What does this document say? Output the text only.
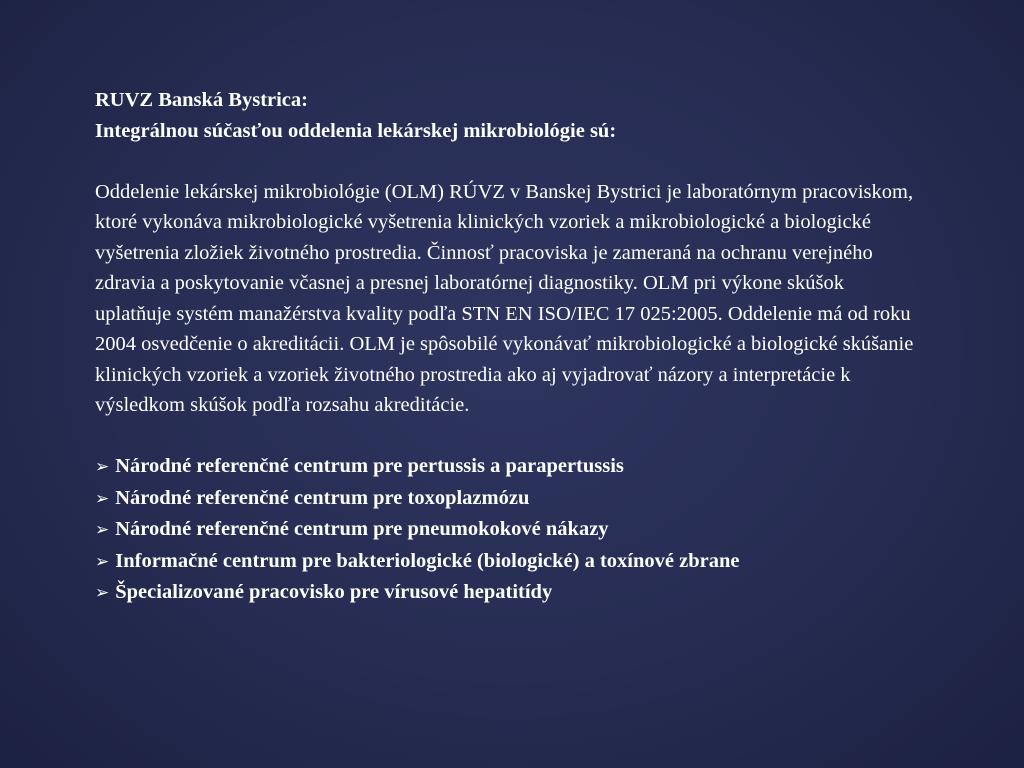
RUVZ Banská Bystrica:

Integrálnou súčasťou oddelenia lekárskej mikrobiológie sú:

Oddelenie lekárskej mikrobiológie (OLM) RÚVZ v Banskej Bystrici je laboratórnym pracoviskom, ktoré vykonáva mikrobiologické vyšetrenia klinických vzoriek a mikrobiologické a biologické vyšetrenia zložiek životného prostredia. Činnosť pracoviska je zameraná na ochranu verejného zdravia a poskytovanie včasnej a presnej laboratórnej diagnostiky. OLM pri výkone skúšok uplatňuje systém manažérstva kvality podľa STN EN ISO/IEC 17 025:2005. Oddelenie má od roku 2004 osvedčenie o akreditácii. OLM je spôsobilé vykonávať mikrobiologické a biologické skúšanie klinických vzoriek a vzoriek životného prostredia ako aj vyjadrovať názory a interpretácie k výsledkom skúšok podľa rozsahu akreditácie.

➢ Národné referenčné centrum pre pertussis a parapertussis
➢ Národné referenčné centrum pre toxoplazmózu
➢ Národné referenčné centrum pre pneumokokové nákazy
➢ Informačné centrum pre bakteriologické (biologické) a toxínové zbrane
➢ Špecializované pracovisko pre vírusové hepatitídy
